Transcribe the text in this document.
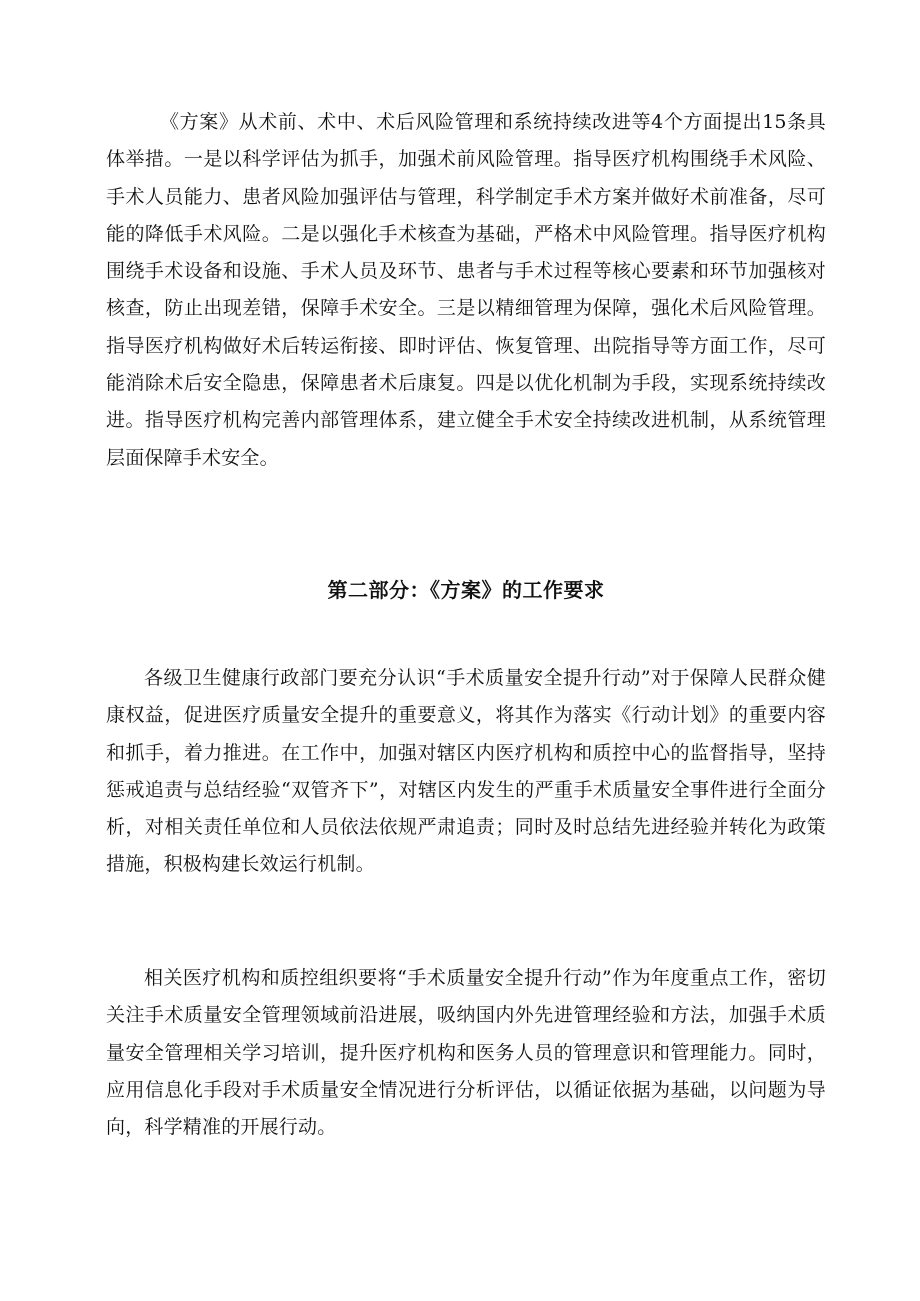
《方案》从术前、术中、术后风险管理和系统持续改进等4个方面提出15条具体举措。一是以科学评估为抓手，加强术前风险管理。指导医疗机构围绕手术风险、手术人员能力、患者风险加强评估与管理，科学制定手术方案并做好术前准备，尽可能的降低手术风险。二是以强化手术核查为基础，严格术中风险管理。指导医疗机构围绕手术设备和设施、手术人员及环节、患者与手术过程等核心要素和环节加强核对核查，防止出现差错，保障手术安全。三是以精细管理为保障，强化术后风险管理。指导医疗机构做好术后转运衔接、即时评估、恢复管理、出院指导等方面工作，尽可能消除术后安全隐患，保障患者术后康复。四是以优化机制为手段，实现系统持续改进。指导医疗机构完善内部管理体系，建立健全手术安全持续改进机制，从系统管理层面保障手术安全。

第二部分：《方案》的工作要求

各级卫生健康行政部门要充分认识“手术质量安全提升行动”对于保障人民群众健康权益，促进医疗质量安全提升的重要意义，将其作为落实《行动计划》的重要内容和抓手，着力推进。在工作中，加强对辖区内医疗机构和质控中心的监督指导，坚持惩戒追责与总结经验“双管齐下”，对辖区内发生的严重手术质量安全事件进行全面分析，对相关责任单位和人员依法依规严肃追责；同时及时总结先进经验并转化为政策措施，积极构建长效运行机制。

相关医疗机构和质控组织要将“手术质量安全提升行动”作为年度重点工作，密切关注手术质量安全管理领域前沿进展，吸纳国内外先进管理经验和方法，加强手术质量安全管理相关学习培训，提升医疗机构和医务人员的管理意识和管理能力。同时，应用信息化手段对手术质量安全情况进行分析评估，以循证依据为基础，以问题为导向，科学精准的开展行动。
